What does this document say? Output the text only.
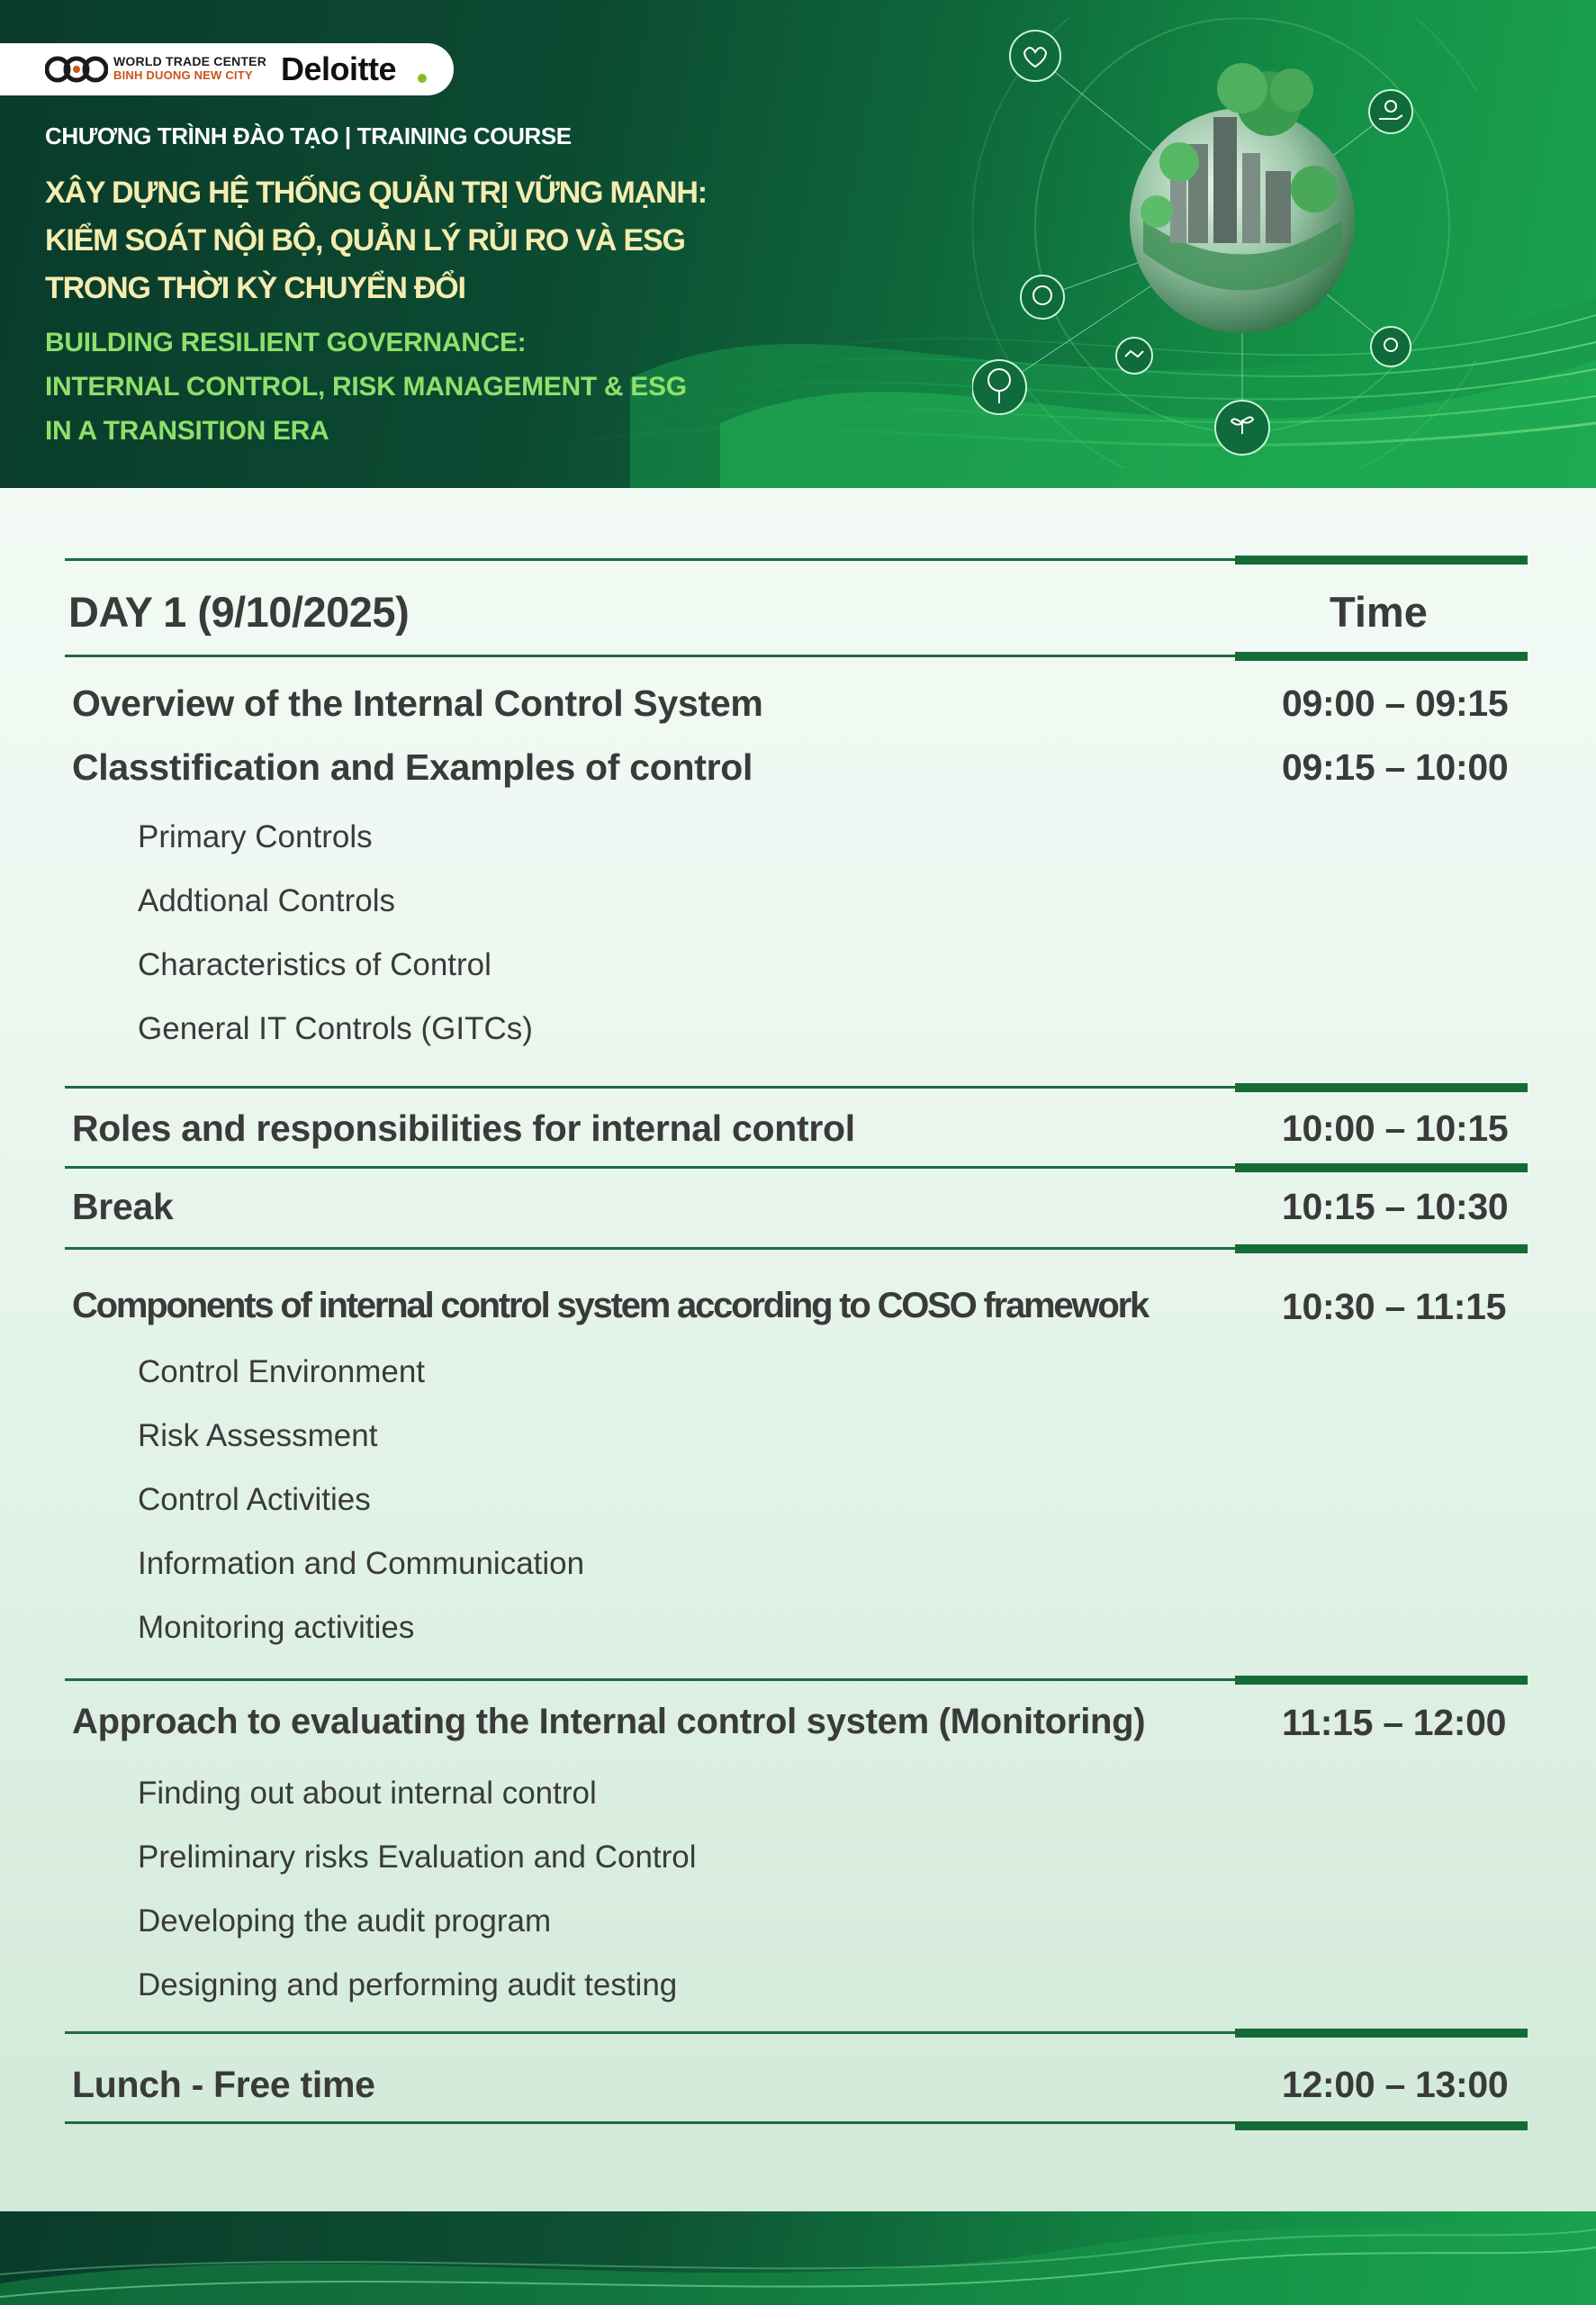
WORLD TRADE CENTER
BINH DUONG NEW CITY Deloitte
CHƯƠNG TRÌNH ĐÀO TẠO | TRAINING COURSE
XÂY DỰNG HỆ THỐNG QUẢN TRỊ VỮNG MẠNH:
KIỂM SOÁT NỘI BỘ, QUẢN LÝ RỦI RO VÀ ESG
TRONG THỜI KỲ CHUYỂN ĐỔI
BUILDING RESILIENT GOVERNANCE:
INTERNAL CONTROL, RISK MANAGEMENT & ESG
IN A TRANSITION ERA
DAY 1 (9/10/2025)	Time
Overview of the Internal Control System	09:00 – 09:15
Classtification and Examples of control	09:15 – 10:00
Primary Controls
Addtional Controls
Characteristics of Control
General IT Controls (GITCs)
Roles and responsibilities for internal control	10:00 – 10:15
Break	10:15 – 10:30
Components of internal control system according to COSO framework	10:30 – 11:15
Control Environment
Risk Assessment
Control Activities
Information and Communication
Monitoring activities
Approach to evaluating the Internal control system (Monitoring)	11:15 – 12:00
Finding out about internal control
Preliminary risks Evaluation and Control
Developing the audit program
Designing and performing audit testing
Lunch - Free time	12:00 – 13:00
